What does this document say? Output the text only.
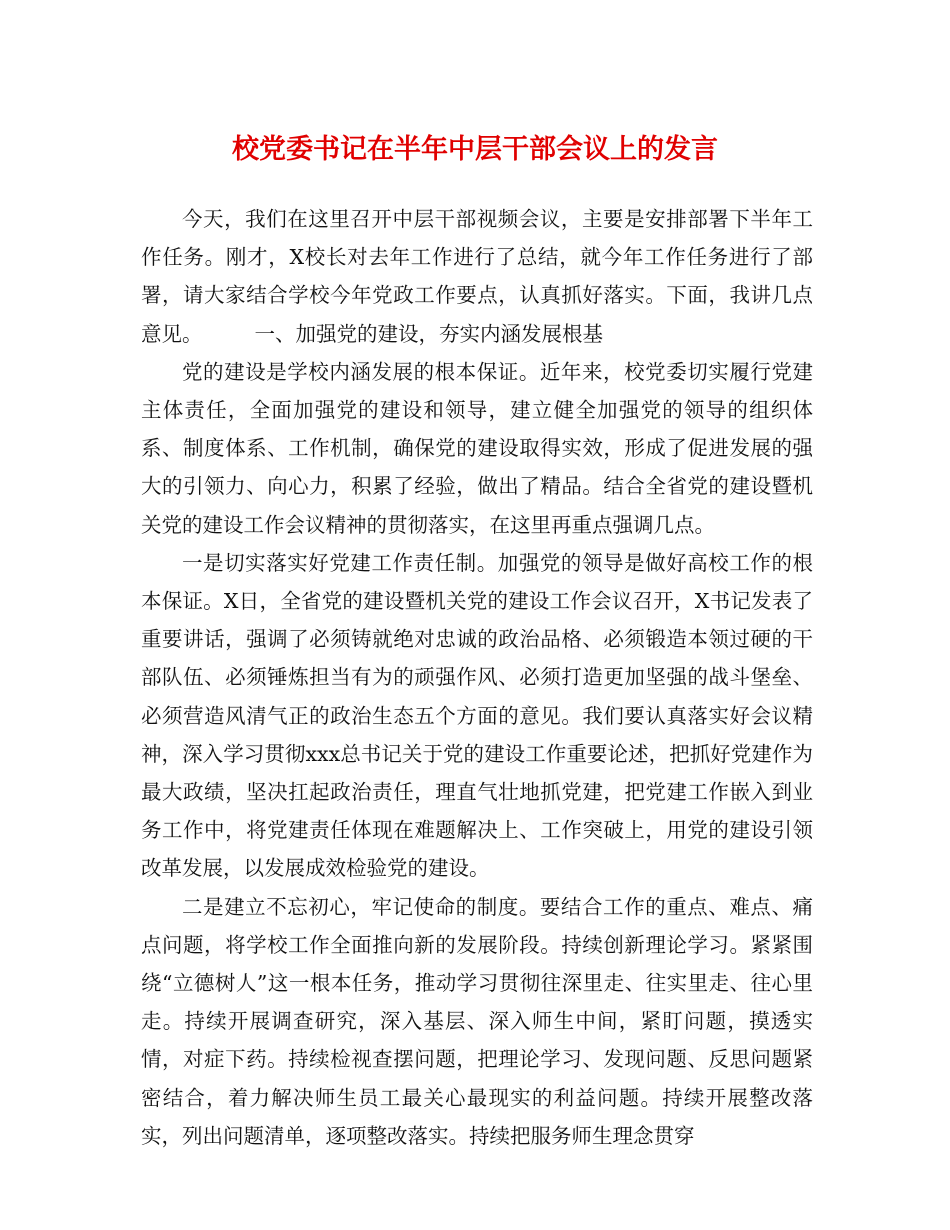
校党委书记在半年中层干部会议上的发言

今天，我们在这里召开中层干部视频会议，主要是安排部署下半年工作任务。刚才，X校长对去年工作进行了总结，就今年工作任务进行了部署，请大家结合学校今年党政工作要点，认真抓好落实。下面，我讲几点意见。	一、加强党的建设，夯实内涵发展根基

党的建设是学校内涵发展的根本保证。近年来，校党委切实履行党建主体责任，全面加强党的建设和领导，建立健全加强党的领导的组织体系、制度体系、工作机制，确保党的建设取得实效，形成了促进发展的强大的引领力、向心力，积累了经验，做出了精品。结合全省党的建设暨机关党的建设工作会议精神的贯彻落实，在这里再重点强调几点。

一是切实落实好党建工作责任制。加强党的领导是做好高校工作的根本保证。X日，全省党的建设暨机关党的建设工作会议召开，X书记发表了重要讲话，强调了必须铸就绝对忠诚的政治品格、必须锻造本领过硬的干部队伍、必须锤炼担当有为的顽强作风、必须打造更加坚强的战斗堡垒、必须营造风清气正的政治生态五个方面的意见。我们要认真落实好会议精神，深入学习贯彻xxx总书记关于党的建设工作重要论述，把抓好党建作为最大政绩，坚决扛起政治责任，理直气壮地抓党建，把党建工作嵌入到业务工作中，将党建责任体现在难题解决上、工作突破上，用党的建设引领改革发展，以发展成效检验党的建设。

二是建立不忘初心，牢记使命的制度。要结合工作的重点、难点、痛点问题，将学校工作全面推向新的发展阶段。持续创新理论学习。紧紧围绕“立德树人”这一根本任务，推动学习贯彻往深里走、往实里走、往心里走。持续开展调查研究，深入基层、深入师生中间，紧盯问题，摸透实情，对症下药。持续检视查摆问题，把理论学习、发现问题、反思问题紧密结合，着力解决师生员工最关心最现实的利益问题。持续开展整改落实，列出问题清单，逐项整改落实。持续把服务师生理念贯穿
